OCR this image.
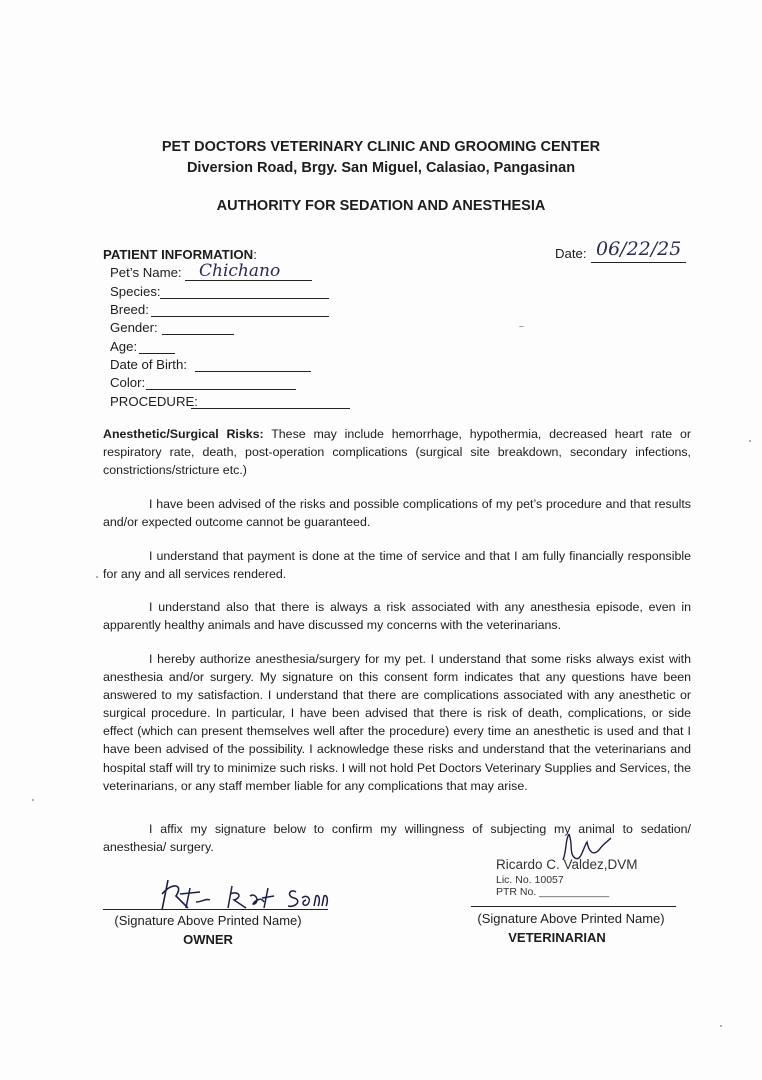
PET DOCTORS VETERINARY CLINIC AND GROOMING CENTER
Diversion Road, Brgy. San Miguel, Calasiao, Pangasinan
AUTHORITY FOR SEDATION AND ANESTHESIA
PATIENT INFORMATION:	Date: 06/22/25
Pet’s Name: Chichano
Species:
Breed:
Gender:
Age:
Date of Birth:
Color:
PROCEDURE:
Anesthetic/Surgical Risks: These may include hemorrhage, hypothermia, decreased heart rate or respiratory rate, death, post-operation complications (surgical site breakdown, secondary infections, constrictions/stricture etc.)
I have been advised of the risks and possible complications of my pet’s procedure and that results and/or expected outcome cannot be guaranteed.
I understand that payment is done at the time of service and that I am fully financially responsible for any and all services rendered.
I understand also that there is always a risk associated with any anesthesia episode, even in apparently healthy animals and have discussed my concerns with the veterinarians.
I hereby authorize anesthesia/surgery for my pet. I understand that some risks always exist with anesthesia and/or surgery. My signature on this consent form indicates that any questions have been answered to my satisfaction. I understand that there are complications associated with any anesthetic or surgical procedure. In particular, I have been advised that there is risk of death, complications, or side effect (which can present themselves well after the procedure) every time an anesthetic is used and that I have been advised of the possibility. I acknowledge these risks and understand that the veterinarians and hospital staff will try to minimize such risks. I will not hold Pet Doctors Veterinary Supplies and Services, the veterinarians, or any staff member liable for any complications that may arise.
I affix my signature below to confirm my willingness of subjecting my animal to sedation/ anesthesia/ surgery.
(Signature Above Printed Name)
OWNER
Ricardo C. Valdez,DVM
Lic. No. 10057
PTR No. ____________
(Signature Above Printed Name)
VETERINARIAN
